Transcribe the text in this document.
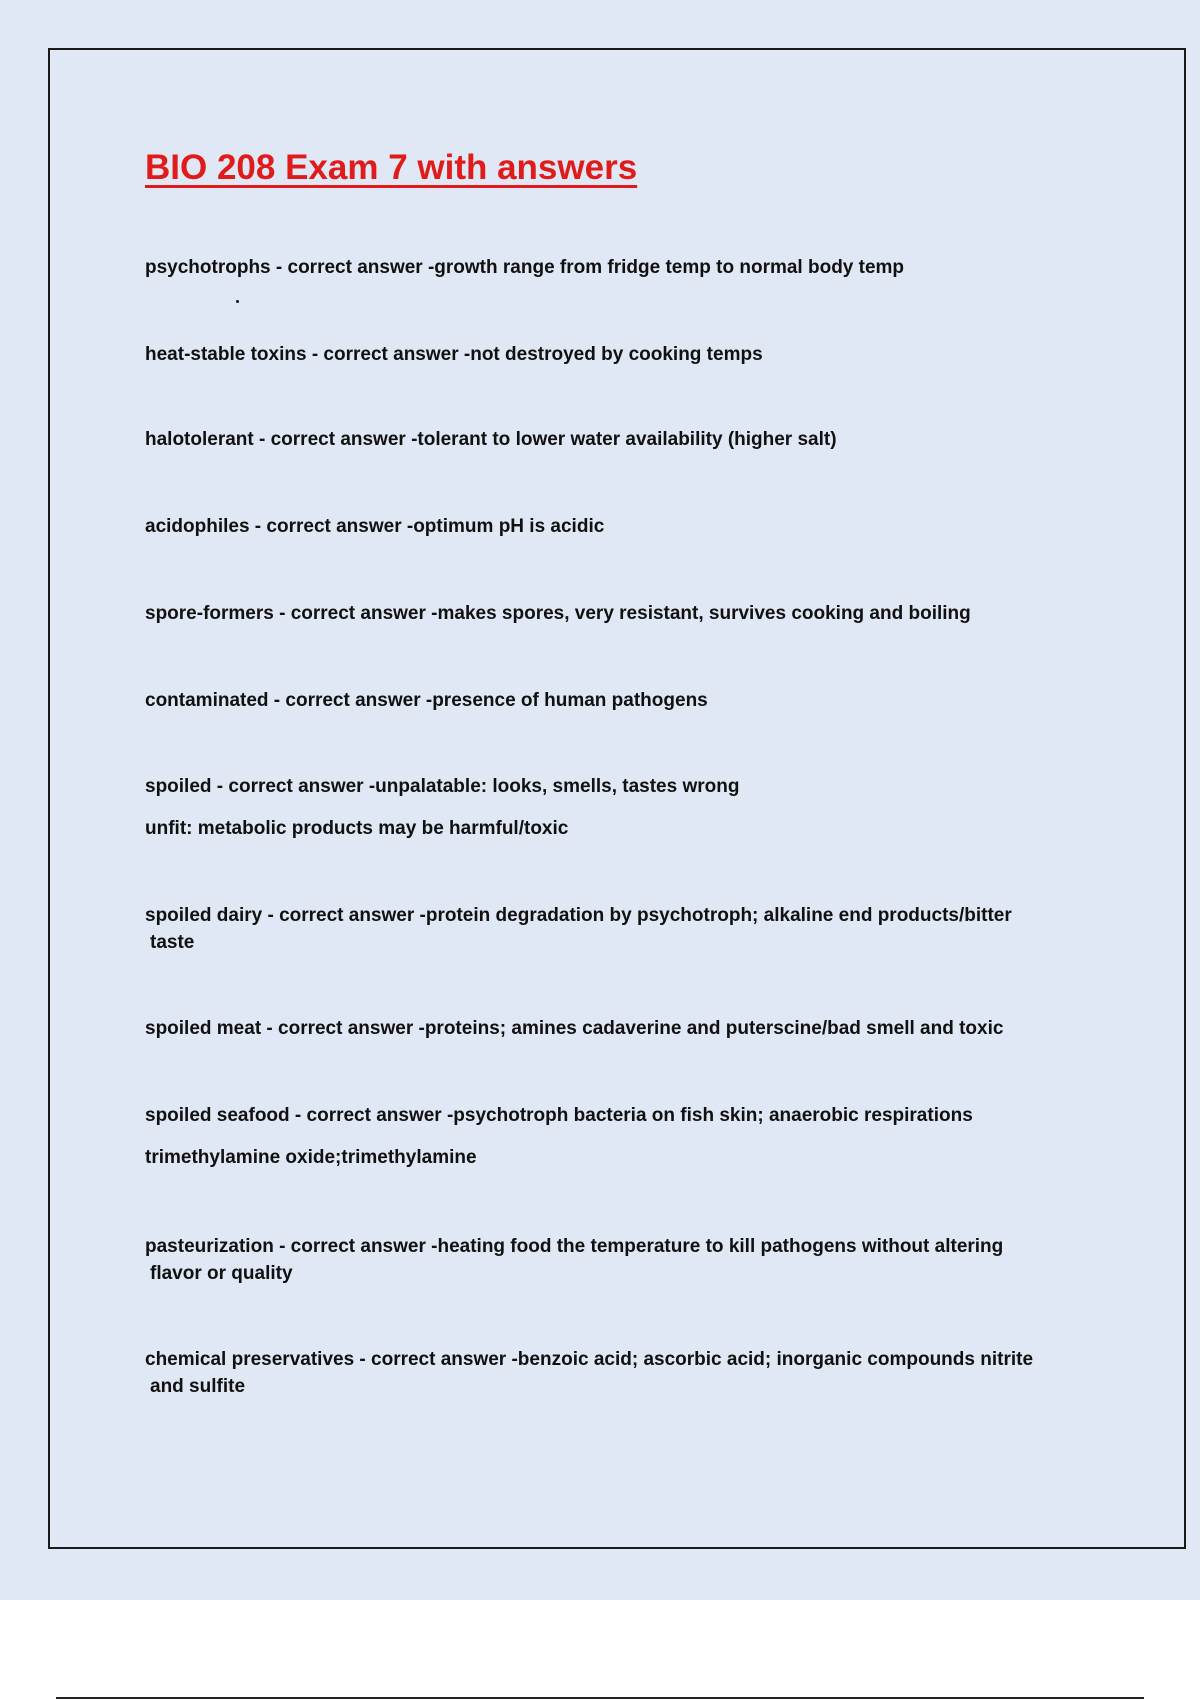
BIO 208 Exam 7 with answers

psychotrophs - correct answer -growth range from fridge temp to normal body temp

heat-stable toxins - correct answer -not destroyed by cooking temps

halotolerant - correct answer -tolerant to lower water availability (higher salt)

acidophiles - correct answer -optimum pH is acidic

spore-formers - correct answer -makes spores, very resistant, survives cooking and boiling

contaminated - correct answer -presence of human pathogens

spoiled - correct answer -unpalatable: looks, smells, tastes wrong
unfit: metabolic products may be harmful/toxic

spoiled dairy - correct answer -protein degradation by psychotroph; alkaline end products/bitter
taste

spoiled meat - correct answer -proteins; amines cadaverine and puterscine/bad smell and toxic

spoiled seafood - correct answer -psychotroph bacteria on fish skin; anaerobic respirations
trimethylamine oxide;trimethylamine

pasteurization - correct answer -heating food the temperature to kill pathogens without altering
flavor or quality

chemical preservatives - correct answer -benzoic acid; ascorbic acid; inorganic compounds nitrite
and sulfite
